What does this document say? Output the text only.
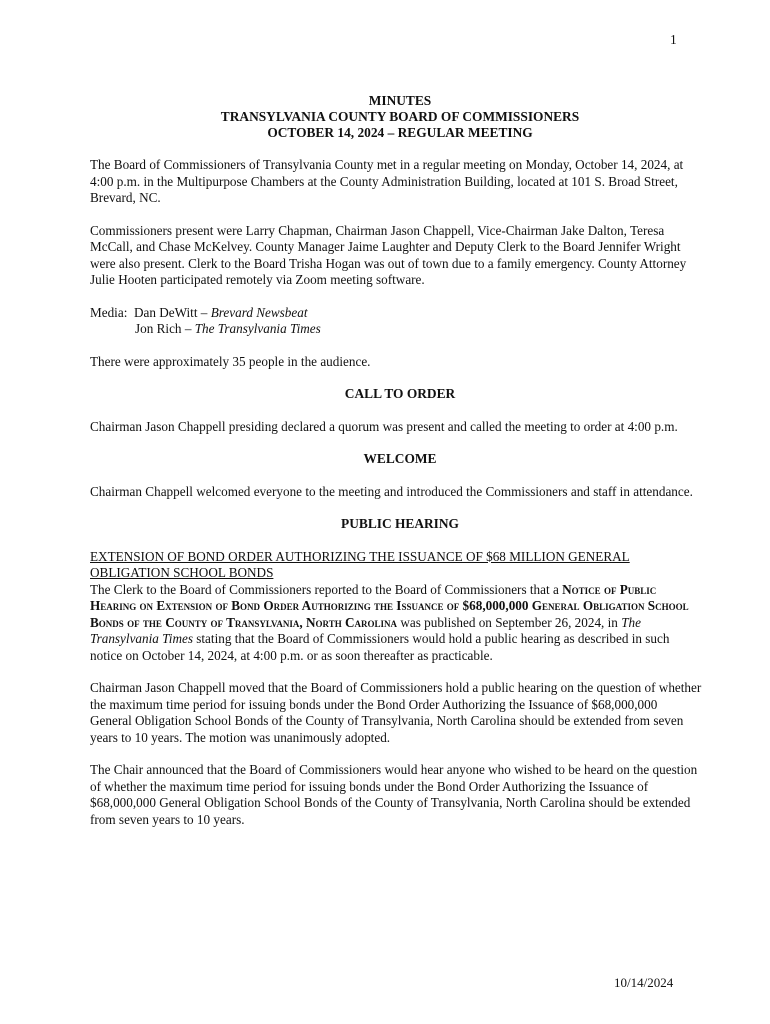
1
MINUTES
TRANSYLVANIA COUNTY BOARD OF COMMISSIONERS
OCTOBER 14, 2024 – REGULAR MEETING

The Board of Commissioners of Transylvania County met in a regular meeting on Monday, October 14, 2024, at 4:00 p.m. in the Multipurpose Chambers at the County Administration Building, located at 101 S. Broad Street, Brevard, NC.

Commissioners present were Larry Chapman, Chairman Jason Chappell, Vice-Chairman Jake Dalton, Teresa McCall, and Chase McKelvey. County Manager Jaime Laughter and Deputy Clerk to the Board Jennifer Wright were also present. Clerk to the Board Trisha Hogan was out of town due to a family emergency. County Attorney Julie Hooten participated remotely via Zoom meeting software.

Media: Dan DeWitt – Brevard Newsbeat
Jon Rich – The Transylvania Times

There were approximately 35 people in the audience.

CALL TO ORDER

Chairman Jason Chappell presiding declared a quorum was present and called the meeting to order at 4:00 p.m.

WELCOME

Chairman Chappell welcomed everyone to the meeting and introduced the Commissioners and staff in attendance.

PUBLIC HEARING

EXTENSION OF BOND ORDER AUTHORIZING THE ISSUANCE OF $68 MILLION GENERAL OBLIGATION SCHOOL BONDS

The Clerk to the Board of Commissioners reported to the Board of Commissioners that a Notice of Public Hearing on Extension of Bond Order Authorizing the Issuance of $68,000,000 General Obligation School Bonds of the County of Transylvania, North Carolina was published on September 26, 2024, in The Transylvania Times stating that the Board of Commissioners would hold a public hearing as described in such notice on October 14, 2024, at 4:00 p.m. or as soon thereafter as practicable.

Chairman Jason Chappell moved that the Board of Commissioners hold a public hearing on the question of whether the maximum time period for issuing bonds under the Bond Order Authorizing the Issuance of $68,000,000 General Obligation School Bonds of the County of Transylvania, North Carolina should be extended from seven years to 10 years. The motion was unanimously adopted.

The Chair announced that the Board of Commissioners would hear anyone who wished to be heard on the question of whether the maximum time period for issuing bonds under the Bond Order Authorizing the Issuance of $68,000,000 General Obligation School Bonds of the County of Transylvania, North Carolina should be extended from seven years to 10 years.

10/14/2024
